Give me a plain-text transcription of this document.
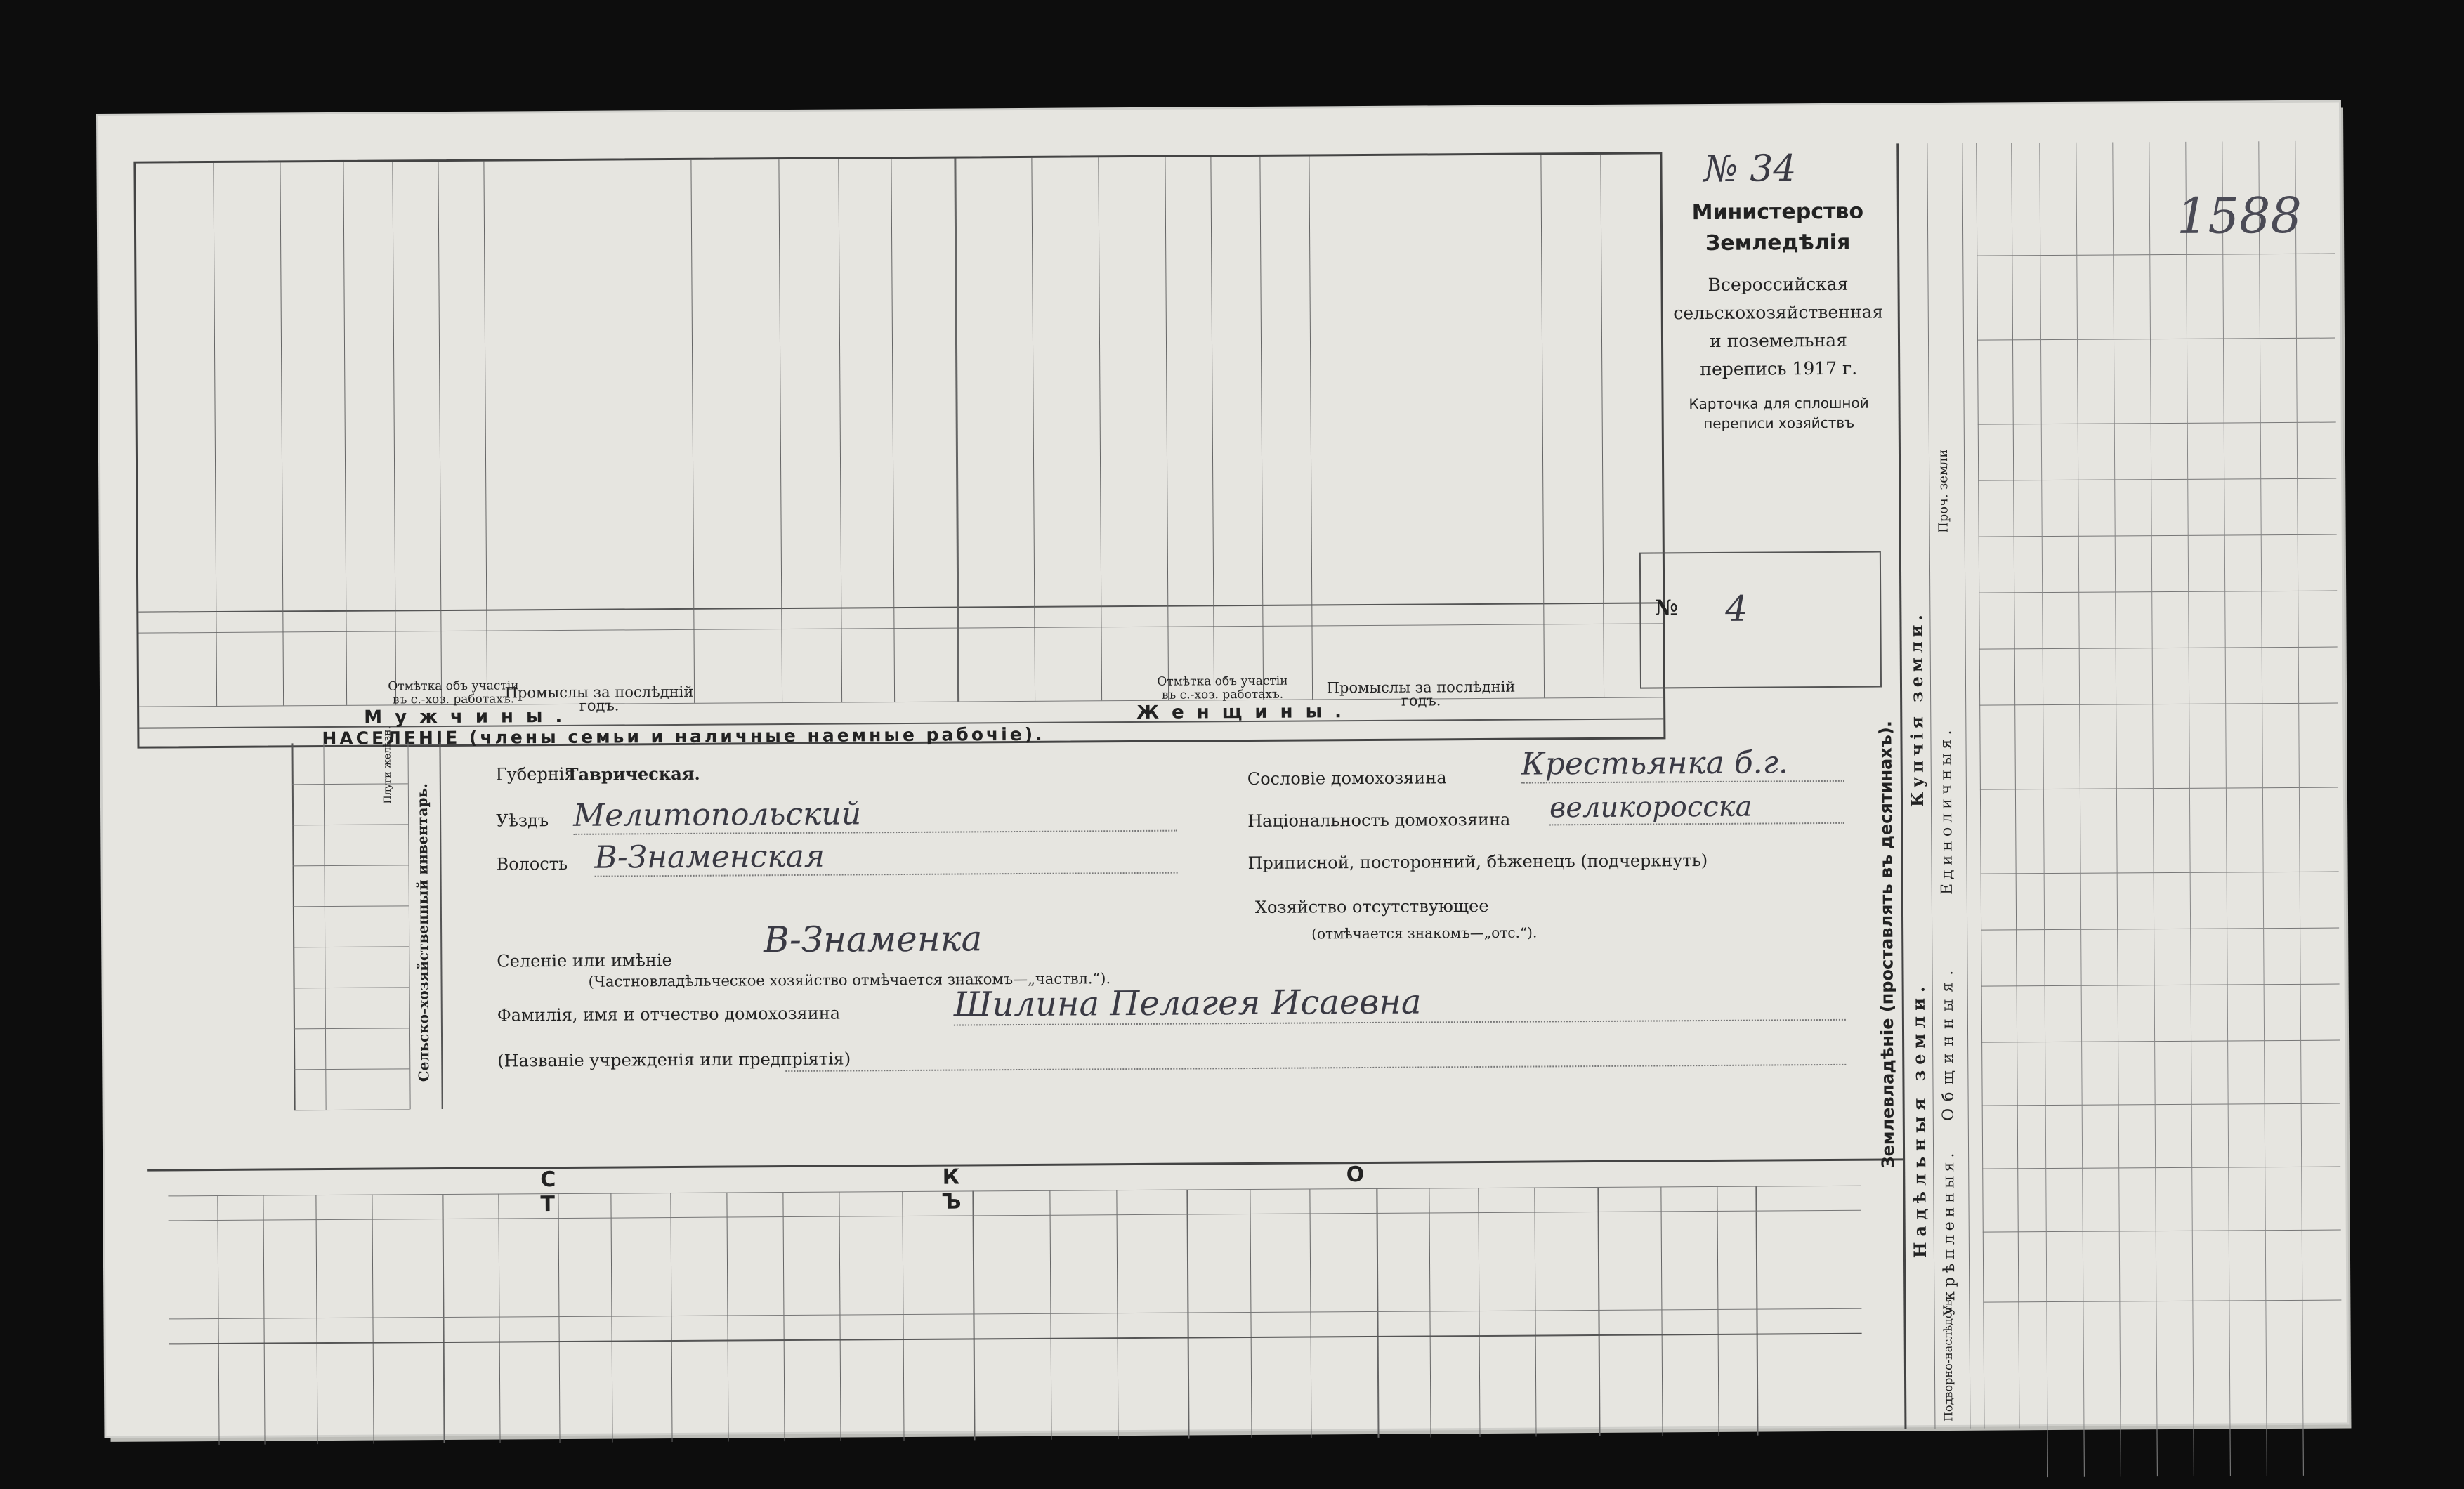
Мужчины.	Женщины.
Отмѣтка объ участiи въ с.-хоз. работахъ.
Промыслы за послѣднiй годъ.
Отмѣтка объ участiи въ с.-хоз. работахъ.	Промыслы за послѣднiй годъ.
НАСЕЛЕНIЕ (члены семьи и наличные наемные рабочiе).
№ 34
Министерство Земледѣлія
Всероссийская сельскохозяйственная и поземельная перепись 1917 г.
Карточка для сплошной переписи хозяйствъ
№ 4
Сельско-хозяйственный инвентарь.
Плуги желѣзн.	Губернiя
Таврическая.
Уѣздъ Мелитопольский
Волость В-Знаменская
Селенiе или имѣнiе
В-Знаменка
(Частновладѣльческое хозяйство отмѣчается знакомъ—„частвл.“).
Фамилiя, имя и отчество домохозяина	Шилина Пелагея Исаевна
(Названiе учрежденiя или предпрiятiя)
Сословiе домохозяина Крестьянка б.г.
Нацiональность домохозяина великоросска
Приписной, посторонний, бѣженецъ (подчеркнуть)
Хозяйство отсутствующее
(отмѣчается знакомъ—„отс.“).
С К О Т Ъ
Землевладѣнiе (проставлять въ десятинахъ). Надѣльныя земли.
Купчiя земли.
Общинныя.
Укрѣпленныя.
Единоличныя.
Подворно-наслѣдств.
Проч. земли
1588
